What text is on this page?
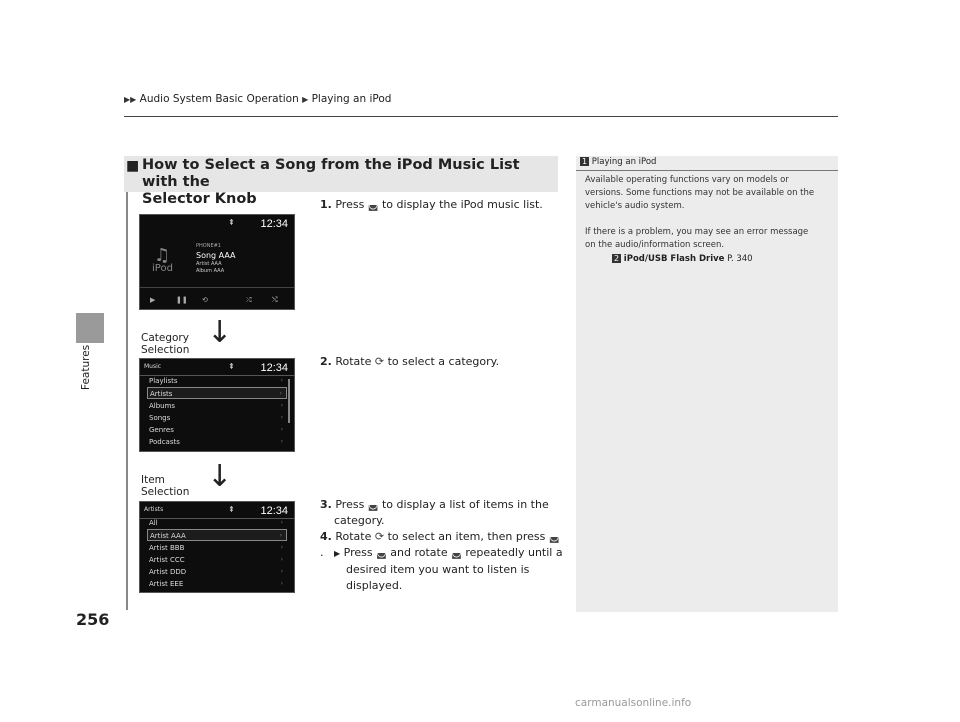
▶▶ Audio System Basic Operation ▶ Playing an iPod
Features
256
■ How to Select a Song from the iPod Music List with the
Selector Knob
⇞ 12:34
♫
iPod
PHONE#1
Song AAA
Artist AAA
Album AAA
▶	❚❚ ⟲	⤮	⤭
Music	⇞ 12:34
Playlists	›
Artists	›
Albums	›
Songs	›
Genres	›
Podcasts	›
Artists	⇞ 12:34
All	›
Artist AAA	›
Artist BBB	›
Artist CCC	›
Artist DDD	›
Artist EEE	›
Category
Selection ↓
Item
Selection ↓
1. Press ◛ to display the iPod music list.
2. Rotate ⟳ to select a category.
3. Press ◛ to display a list of items in the
category.
4. Rotate ⟳ to select an item, then press ◛.	▶ Press ◛ and rotate ◛ repeatedly until a
desired item you want to listen is
displayed.
1 Playing an iPod
Available operating functions vary on models or
versions. Some functions may not be available on the
vehicle's audio system.
If there is a problem, you may see an error message
on the audio/information screen.
2 iPod/USB Flash Drive P. 340
carmanualsonline.info
